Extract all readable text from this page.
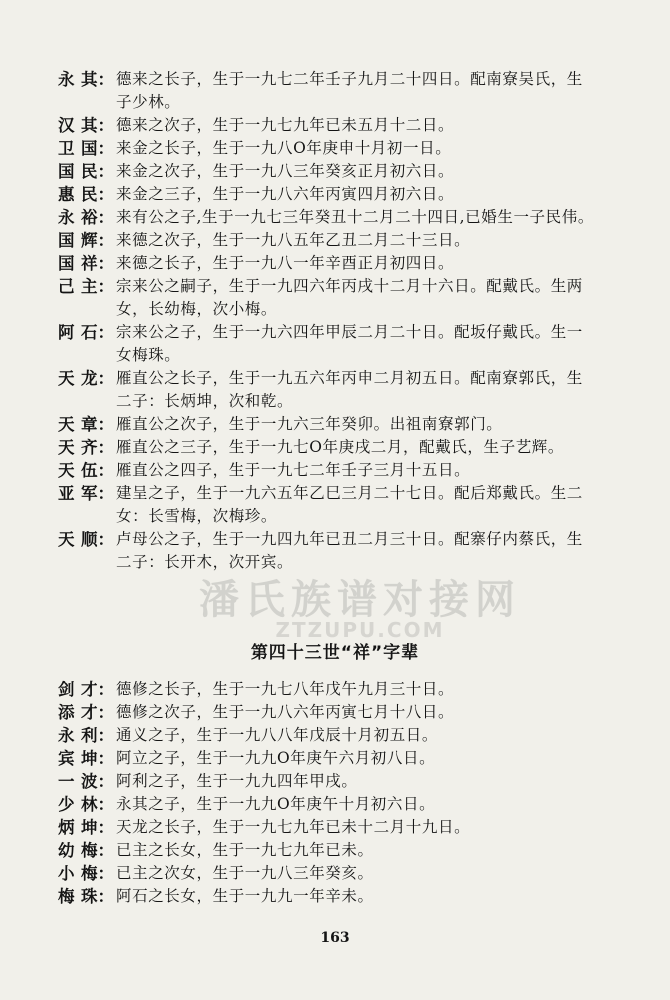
永 其： 德来之长子，生于一九七二年壬子九月二十四日。配南寮吴氏，生
子少林。
汉 其： 德来之次子，生于一九七九年已未五月十二日。
卫 国： 来金之长子，生于一九八O年庚申十月初一日。
国 民： 来金之次子，生于一九八三年癸亥正月初六日。
惠 民： 来金之三子，生于一九八六年丙寅四月初六日。
永 裕： 来有公之子,生于一九七三年癸丑十二月二十四日,已婚生一子民伟。
国 辉： 来德之次子，生于一九八五年乙丑二月二十三日。
国 祥： 来德之长子，生于一九八一年辛酉正月初四日。
己 主： 宗来公之嗣子，生于一九四六年丙戌十二月十六日。配戴氏。生两
女，长幼梅，次小梅。
阿 石： 宗来公之子，生于一九六四年甲辰二月二十日。配坂仔戴氏。生一
女梅珠。
天 龙： 雁直公之长子，生于一九五六年丙申二月初五日。配南寮郭氏，生
二子：长炳坤，次和乾。
天 章： 雁直公之次子，生于一九六三年癸卯。出祖南寮郭门。
天 齐： 雁直公之三子，生于一九七O年庚戌二月，配戴氏，生子艺辉。
天 伍： 雁直公之四子，生于一九七二年壬子三月十五日。
亚 军： 建呈之子，生于一九六五年乙巳三月二十七日。配后郑戴氏。生二
女：长雪梅，次梅珍。
天 顺： 卢母公之子，生于一九四九年已丑二月三十日。配寨仔内蔡氏，生
二子：长开木，次开宾。
第四十三世“祥”字辈
剑 才： 德修之长子，生于一九七八年戊午九月三十日。
添 才： 德修之次子，生于一九八六年丙寅七月十八日。
永 利： 通义之子，生于一九八八年戊辰十月初五日。
宾 坤： 阿立之子，生于一九九O年庚午六月初八日。
一 波： 阿利之子，生于一九九四年甲戌。
少 林： 永其之子，生于一九九O年庚午十月初六日。
炳 坤： 天龙之长子，生于一九七九年已未十二月十九日。
幼 梅： 已主之长女，生于一九七九年已未。
小 梅： 已主之次女，生于一九八三年癸亥。
梅 珠： 阿石之长女，生于一九九一年辛未。
潘氏族谱对接网
ZTZUPU.COM
163
